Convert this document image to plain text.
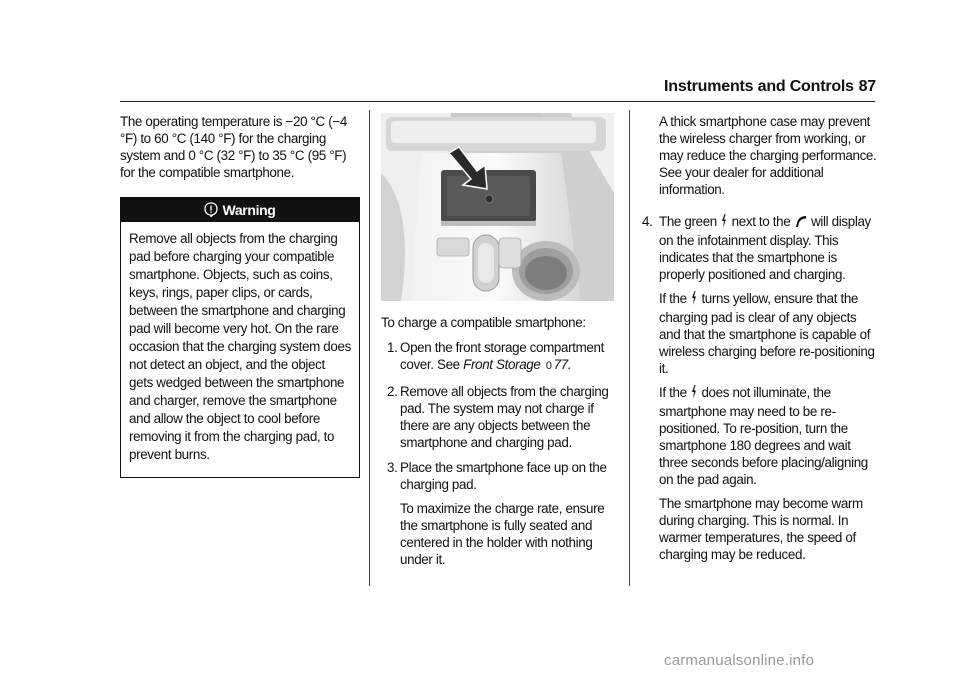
Instruments and Controls 87

The operating temperature is −20 °C (−4 °F) to 60 °C (140 °F) for the charging system and 0 °C (32 °F) to 35 °C (95 °F) for the compatible smartphone.

Warning
Remove all objects from the charging pad before charging your compatible smartphone. Objects, such as coins, keys, rings, paper clips, or cards, between the smartphone and charging pad will become very hot. On the rare occasion that the charging system does not detect an object, and the object gets wedged between the smartphone and charger, remove the smartphone and allow the object to cool before removing it from the charging pad, to prevent burns.

To charge a compatible smartphone:

1. Open the front storage compartment cover. See Front Storage 0 77.
2. Remove all objects from the charging pad. The system may not charge if there are any objects between the smartphone and charging pad.
3. Place the smartphone face up on the charging pad.

To maximize the charge rate, ensure the smartphone is fully seated and centered in the holder with nothing under it.

A thick smartphone case may prevent the wireless charger from working, or may reduce the charging performance. See your dealer for additional information.

4. The green next to the will display on the infotainment display. This indicates that the smartphone is properly positioned and charging.

If the turns yellow, ensure that the charging pad is clear of any objects and that the smartphone is capable of wireless charging before re-positioning it.

If the does not illuminate, the smartphone may need to be re-positioned. To re-position, turn the smartphone 180 degrees and wait three seconds before placing/aligning on the pad again.

The smartphone may become warm during charging. This is normal. In warmer temperatures, the speed of charging may be reduced.

carmanualsonline.info
